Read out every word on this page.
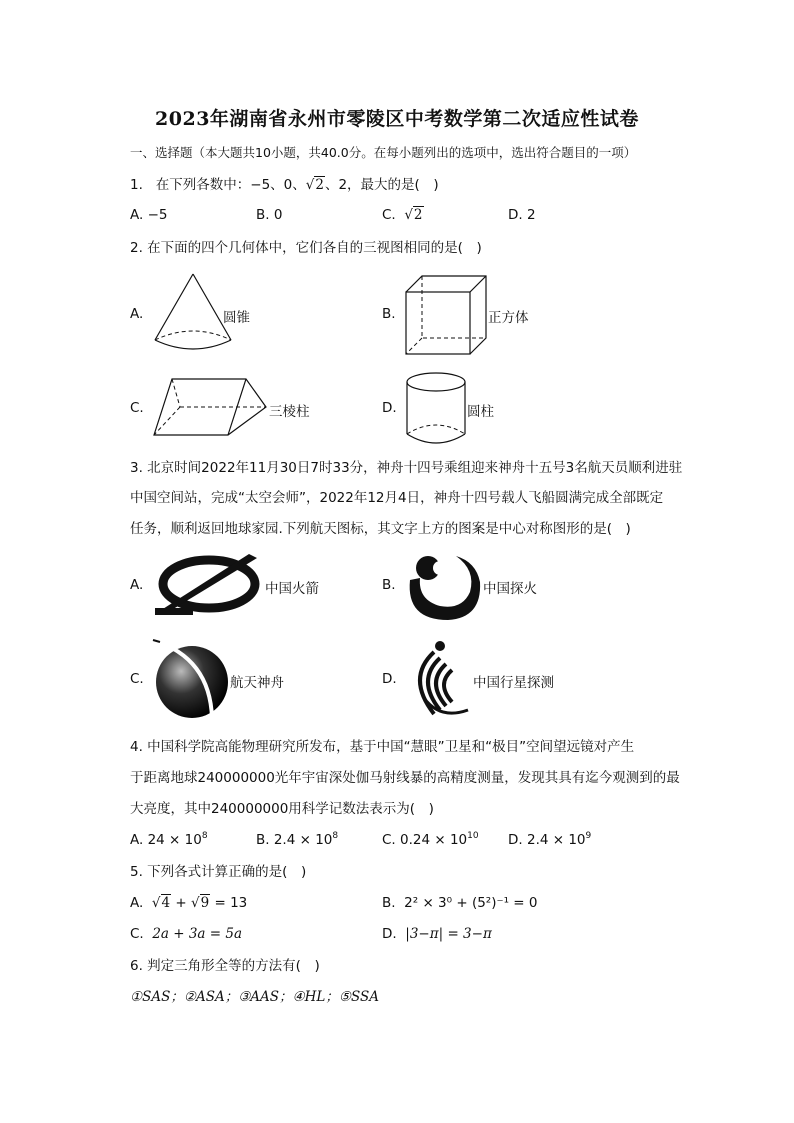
2023年湖南省永州市零陵区中考数学第二次适应性试卷
一、选择题（本大题共10小题，共40.0分。在每小题列出的选项中，选出符合题目的一项）
1. 在下列各数中：−5、0、√2、2，最大的是(　)
A. −5	B. 0	C. √2	D. 2
2. 在下面的四个几何体中，它们各自的三视图相同的是(　)
A.	圆锥	B.	正方体
C.	三棱柱	D.	圆柱
3. 北京时间2022年11月30日7时33分，神舟十四号乘组迎来神舟十五号3名航天员顺利进驻
中国空间站，完成“太空会师”，2022年12月4日，神舟十四号载人飞船圆满完成全部既定
任务，顺利返回地球家园.下列航天图标，其文字上方的图案是中心对称图形的是(　)
A.	中国火箭	B.	中国探火
C.	航天神舟	D.	中国行星探测
4. 中国科学院高能物理研究所发布，基于中国“慧眼”卫星和“极目”空间望远镜对产生
于距离地球240000000光年宇宙深处伽马射线暴的高精度测量，发现其具有迄今观测到的最
大亮度，其中240000000用科学记数法表示为(　)
A. $24 \times 10^8$	B. $2.4 \times 10^8$	C. $0.24 \times 10^{10}$ D. $2.4 \times 10^9$
5. 下列各式计算正确的是(　)
A. √4 + √9 = 13	B. 2² × 3⁰ + (5²)⁻¹ = 0
C. 2a + 3a = 5a	D. |3−π| = 3−π
6. 判定三角形全等的方法有(　)
①SAS；②ASA；③AAS；④HL；⑤SSA
